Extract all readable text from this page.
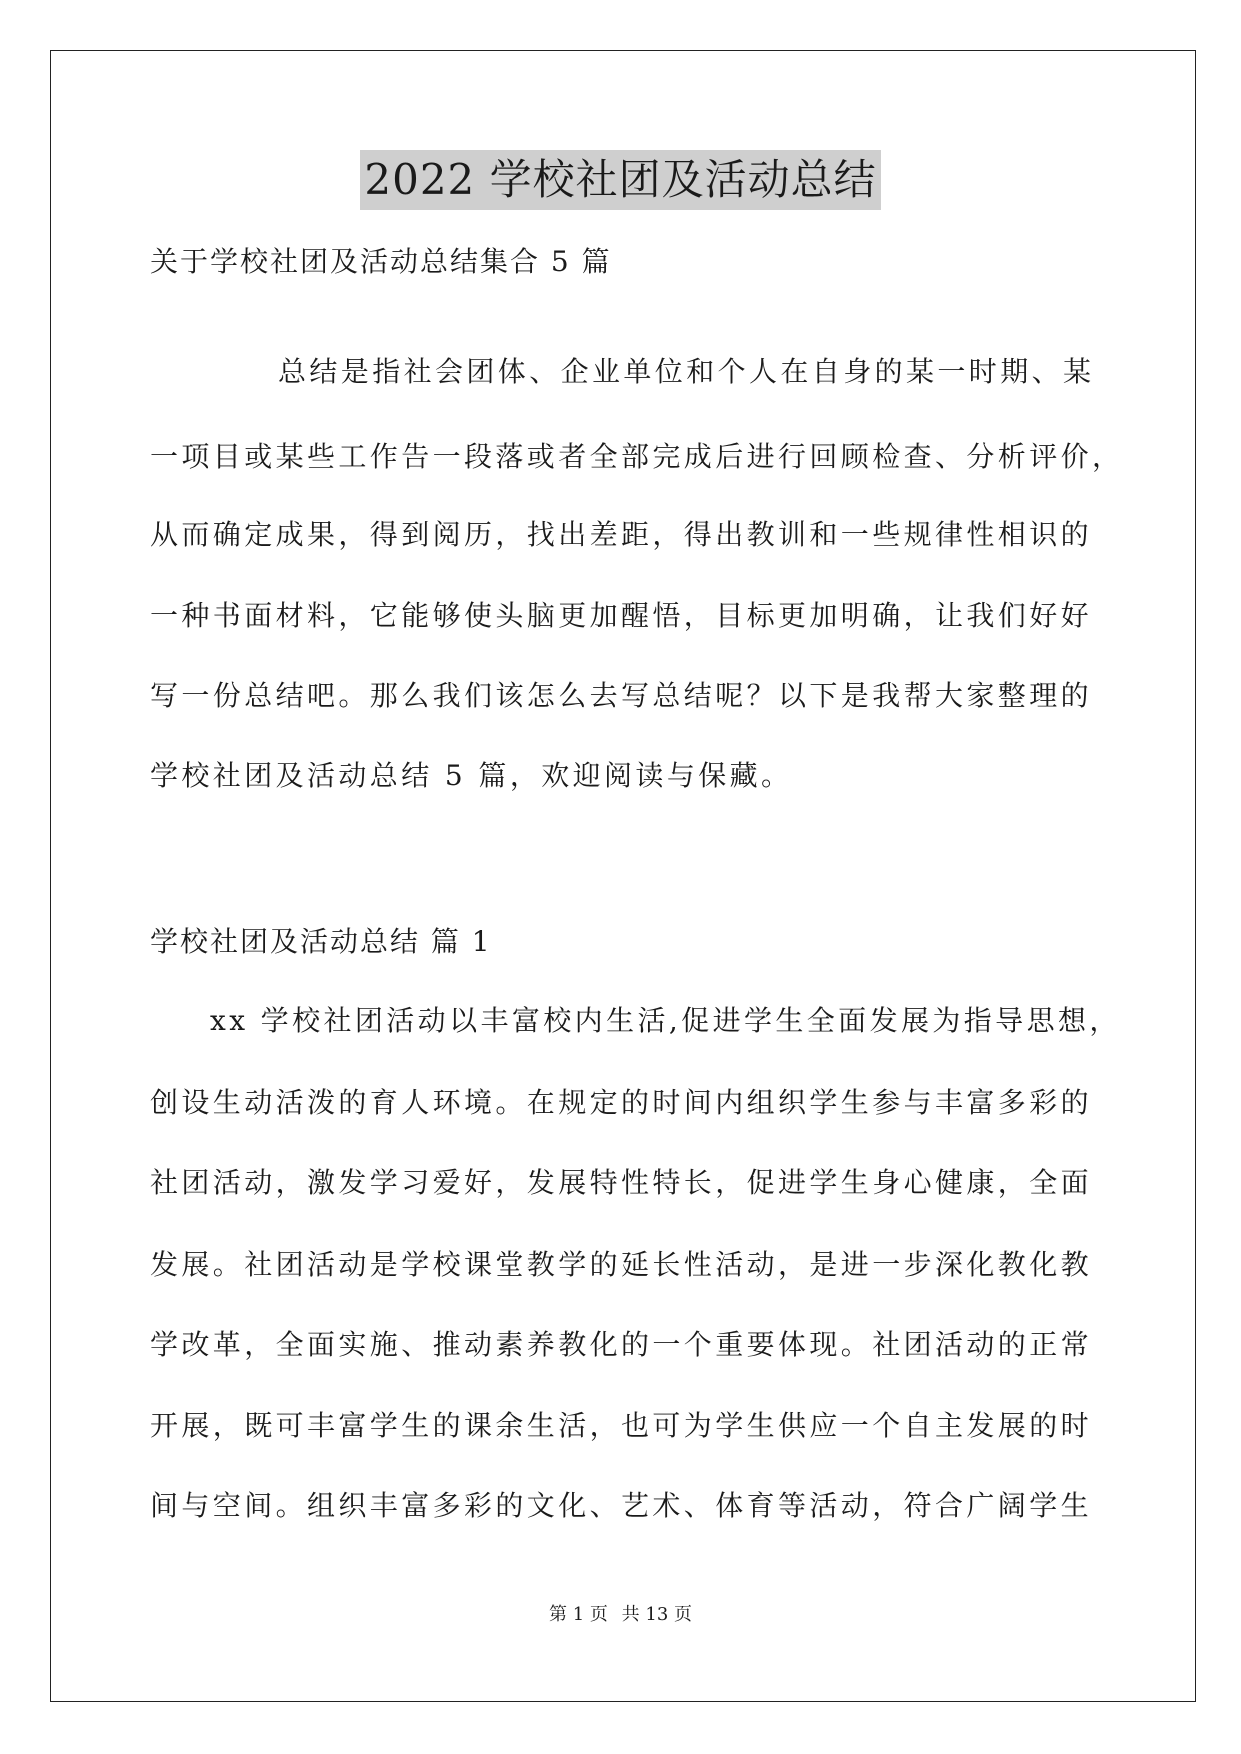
2022 学校社团及活动总结
关于学校社团及活动总结集合 5 篇
总结是指社会团体、企业单位和个人在自身的某一时期、某
一项目或某些工作告一段落或者全部完成后进行回顾检查、分析评价，
从而确定成果，得到阅历，找出差距，得出教训和一些规律性相识的
一种书面材料，它能够使头脑更加醒悟，目标更加明确，让我们好好
写一份总结吧。那么我们该怎么去写总结呢？以下是我帮大家整理的
学校社团及活动总结 5 篇，欢迎阅读与保藏。
学校社团及活动总结 篇 1
xx 学校社团活动以丰富校内生活,促进学生全面发展为指导思想，
创设生动活泼的育人环境。在规定的时间内组织学生参与丰富多彩的
社团活动，激发学习爱好，发展特性特长，促进学生身心健康，全面
发展。社团活动是学校课堂教学的延长性活动，是进一步深化教化教
学改革，全面实施、推动素养教化的一个重要体现。社团活动的正常
开展，既可丰富学生的课余生活，也可为学生供应一个自主发展的时
间与空间。组织丰富多彩的文化、艺术、体育等活动，符合广阔学生
第 1 页 共 13 页
